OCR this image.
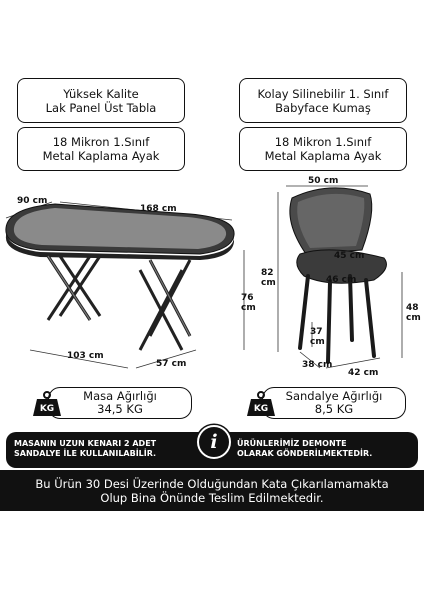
Yüksek Kalite
Lak Panel Üst Tabla
Kolay Silinebilir 1. Sınıf
Babyface Kumaş
18 Mikron 1.Sınıf
Metal Kaplama Ayak
18 Mikron 1.Sınıf
Metal Kaplama Ayak
90 cm
168 cm
76 cm
103 cm
57 cm
50 cm
45 cm
46 cm
82 cm
48 cm
37 cm
38 cm
42 cm
Masa Ağırlığı
34,5 KG
KG
Sandalye Ağırlığı
8,5 KG
KG
MASANIN UZUN KENARI 2 ADET
SANDALYE İLE KULLANILABİLİR.
i ÜRÜNLERİMİZ DEMONTE
OLARAK GÖNDERİLMEKTEDİR.
Bu Ürün 30 Desi Üzerinde Olduğundan Kata Çıkarılamamakta
Olup Bina Önünde Teslim Edilmektedir.
